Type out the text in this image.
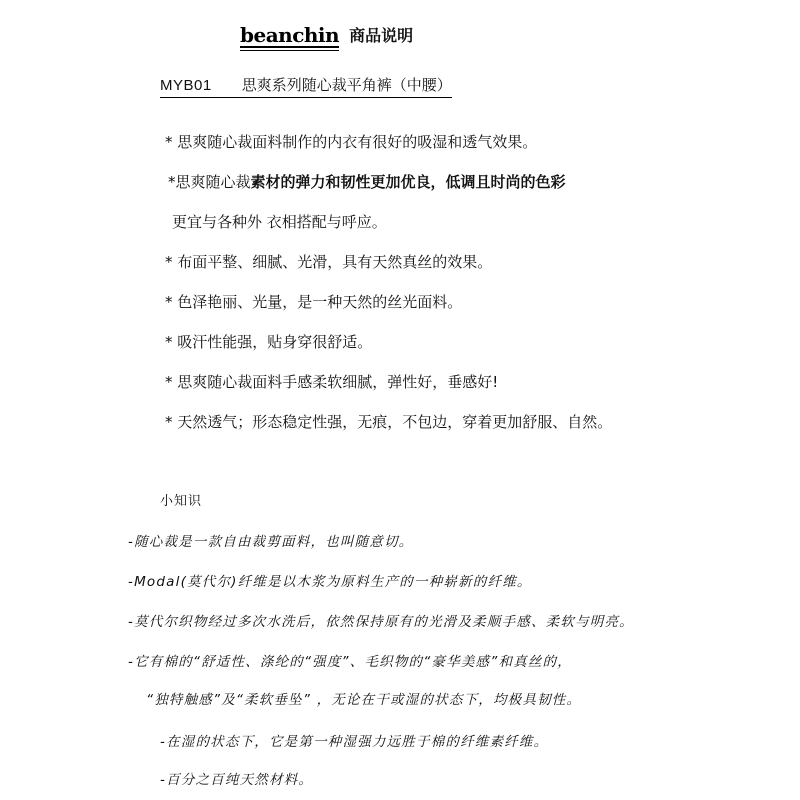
beanchin 商品说明
MYB01 思爽系列随心裁平角裤（中腰）
* 思爽随心裁面料制作的内衣有很好的吸湿和透气效果。
*思爽随心裁素材的弹力和韧性更加优良，低调且时尚的色彩
更宜与各种外 衣相搭配与呼应。
* 布面平整、细腻、光滑，具有天然真丝的效果。
* 色泽艳丽、光量，是一种天然的丝光面料。
* 吸汗性能强，贴身穿很舒适。
* 思爽随心裁面料手感柔软细腻，弹性好，垂感好!
* 天然透气；形态稳定性强，无痕，不包边，穿着更加舒服、自然。
小知识
-随心裁是一款自由裁剪面料，也叫随意切。
-Modal(莫代尔)纤维是以木浆为原料生产的一种崭新的纤维。
-莫代尔织物经过多次水洗后，依然保持原有的光滑及柔顺手感、柔软与明亮。
-它有棉的“舒适性、涤纶的“强度”、毛织物的“豪华美感”和真丝的，
“独特触感”及“柔软垂坠” ，无论在干或湿的状态下，均极具韧性。
-在湿的状态下，它是第一种湿强力远胜于棉的纤维素纤维。
-百分之百纯天然材料。
